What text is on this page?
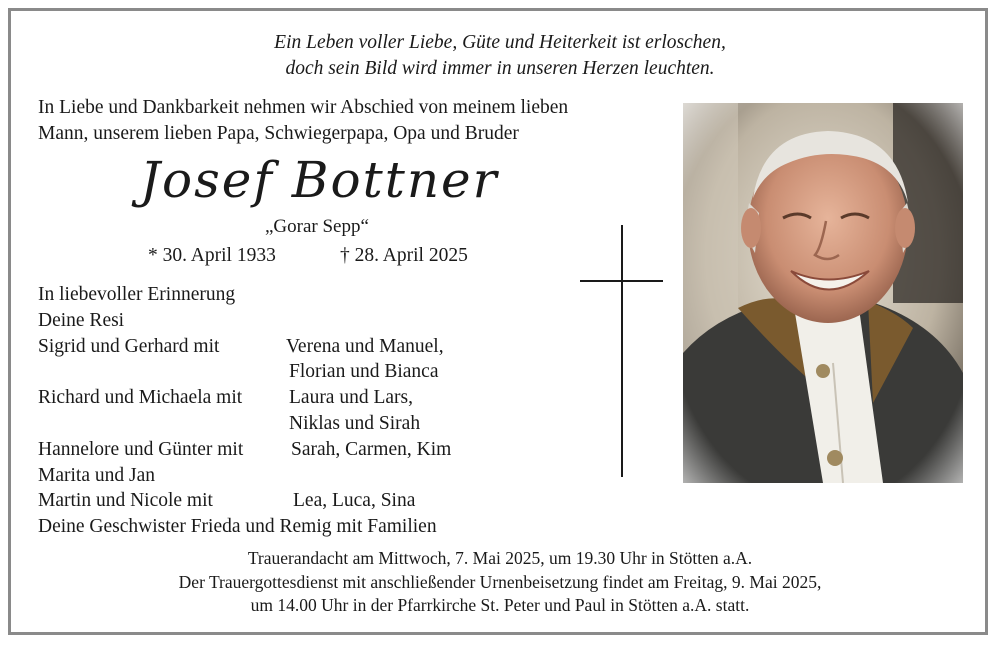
Ein Leben voller Liebe, Güte und Heiterkeit ist erloschen,
doch sein Bild wird immer in unseren Herzen leuchten.
In Liebe und Dankbarkeit nehmen wir Abschied von meinem lieben
Mann, unserem lieben Papa, Schwiegerpapa, Opa und Bruder
Josef Bottner
„Gorar Sepp“
* 30. April 1933	† 28. April 2025
In liebevoller Erinnerung
Deine Resi
Sigrid und Gerhard mit	Verena und Manuel,
Florian und Bianca
Richard und Michaela mit Laura und Lars,
Niklas und Sirah
Hannelore und Günter mit Sarah, Carmen, Kim
Marita und Jan
Martin und Nicole mit	Lea, Luca, Sina
Deine Geschwister Frieda und Remig mit Familien
Trauerandacht am Mittwoch, 7. Mai 2025, um 19.30 Uhr in Stötten a.A.
Der Trauergottesdienst mit anschließender Urnenbeisetzung findet am Freitag, 9. Mai 2025,
um 14.00 Uhr in der Pfarrkirche St. Peter und Paul in Stötten a.A. statt.
